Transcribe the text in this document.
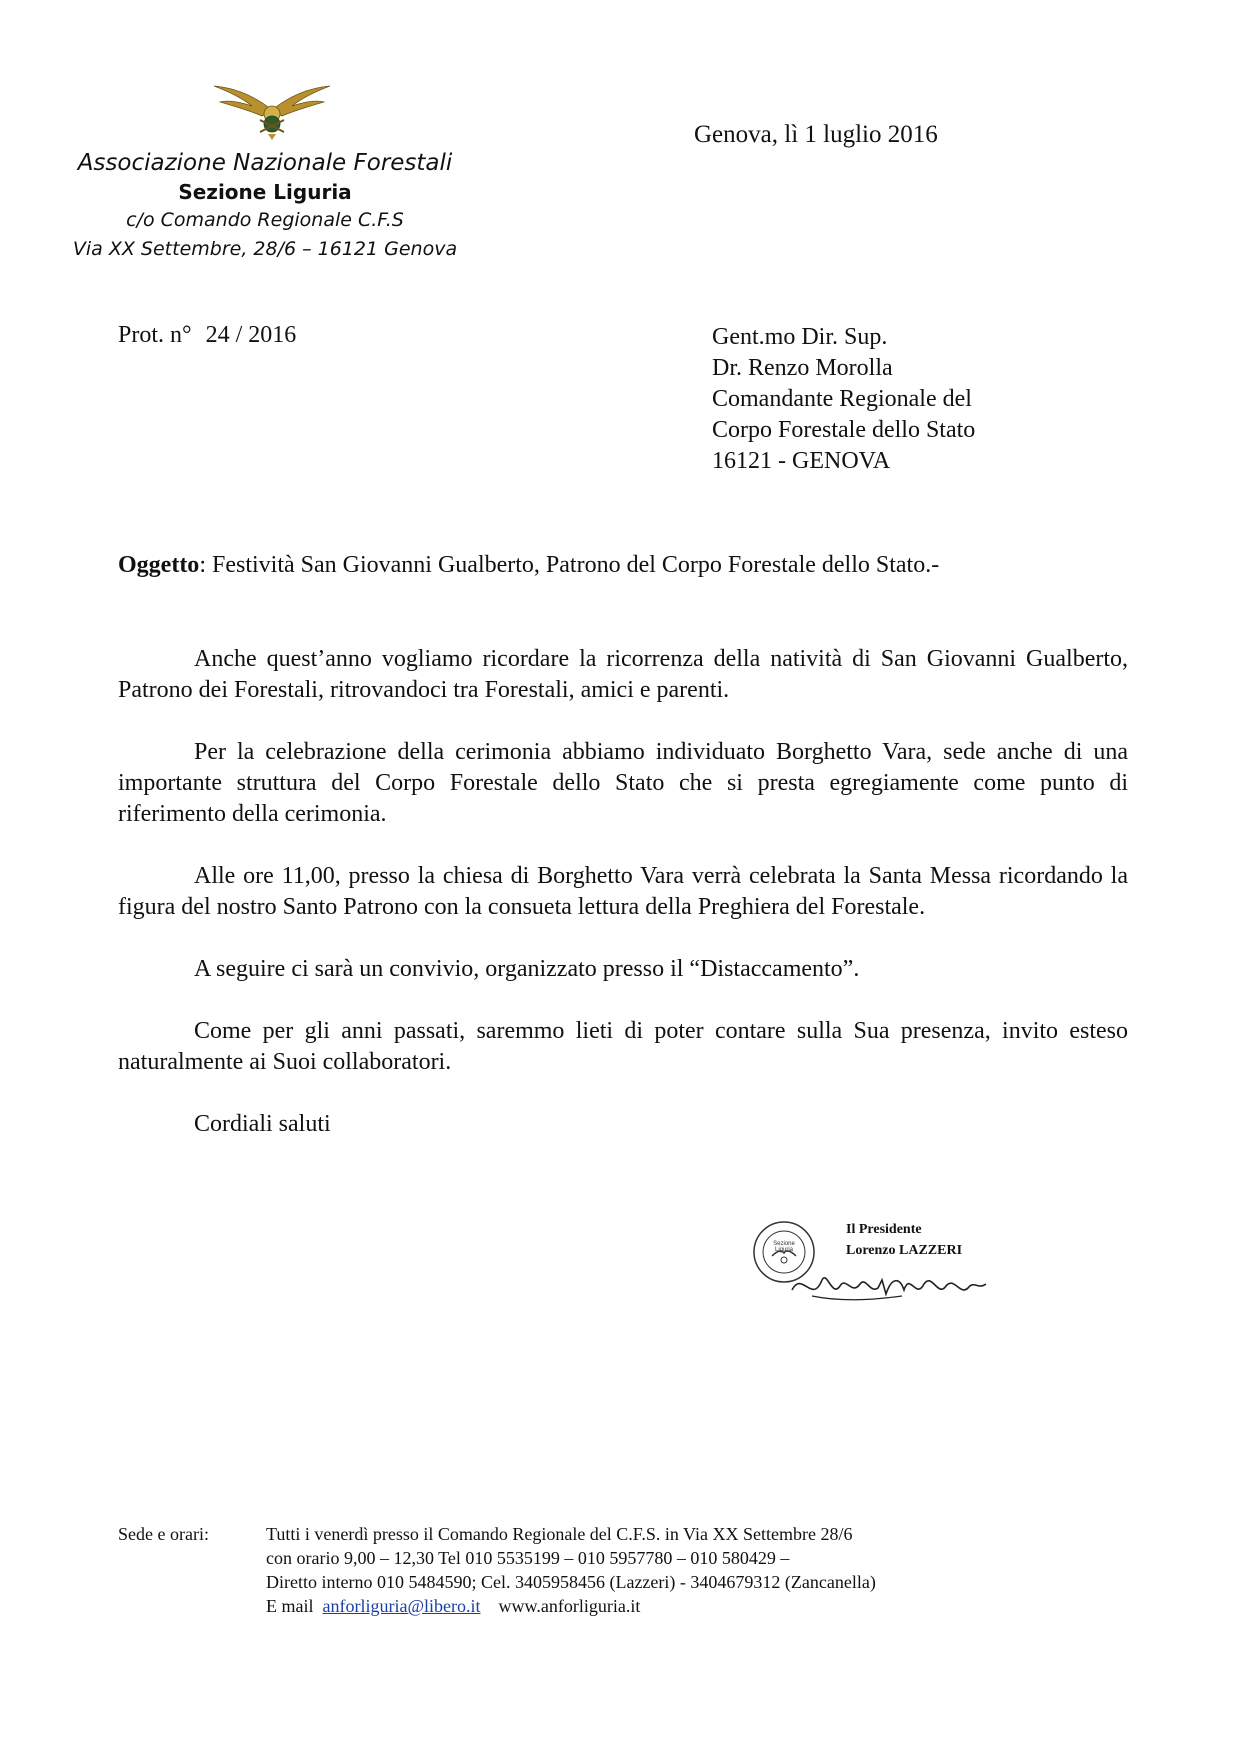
Associazione Nazionale Forestali
Sezione Liguria
c/o Comando Regionale C.F.S
Via XX Settembre, 28/6 – 16121 Genova
Genova, lì 1 luglio 2016
Prot. n° 24 / 2016	Gent.mo Dir. Sup.
Dr. Renzo Morolla
Comandante Regionale del
Corpo Forestale dello Stato
16121 - GENOVA
Oggetto: Festività San Giovanni Gualberto, Patrono del Corpo Forestale dello Stato.-

Anche quest’anno vogliamo ricordare la ricorrenza della natività di San Giovanni Gualberto, Patrono dei Forestali, ritrovandoci tra Forestali, amici e parenti.

Per la celebrazione della cerimonia abbiamo individuato Borghetto Vara, sede anche di una importante struttura del Corpo Forestale dello Stato che si presta egregiamente come punto di riferimento della cerimonia.

Alle ore 11,00, presso la chiesa di Borghetto Vara verrà celebrata la Santa Messa ricordando la figura del nostro Santo Patrono con la consueta lettura della Preghiera del Forestale.

A seguire ci sarà un convivio, organizzato presso il “Distaccamento”.

Come per gli anni passati, saremmo lieti di poter contare sulla Sua presenza, invito esteso naturalmente ai Suoi collaboratori.

Cordiali saluti

Sezione
Liguria
Il Presidente
Lorenzo LAZZERI
Sede e orari:	Tutti i venerdì presso il Comando Regionale del C.F.S. in Via XX Settembre 28/6
con orario 9,00 – 12,30 Tel 010 5535199 – 010 5957780 – 010 580429 –
Diretto interno 010 5484590; Cel. 3405958456 (Lazzeri) - 3404679312 (Zancanella)
E mail anforliguria@libero.it www.anforliguria.it
